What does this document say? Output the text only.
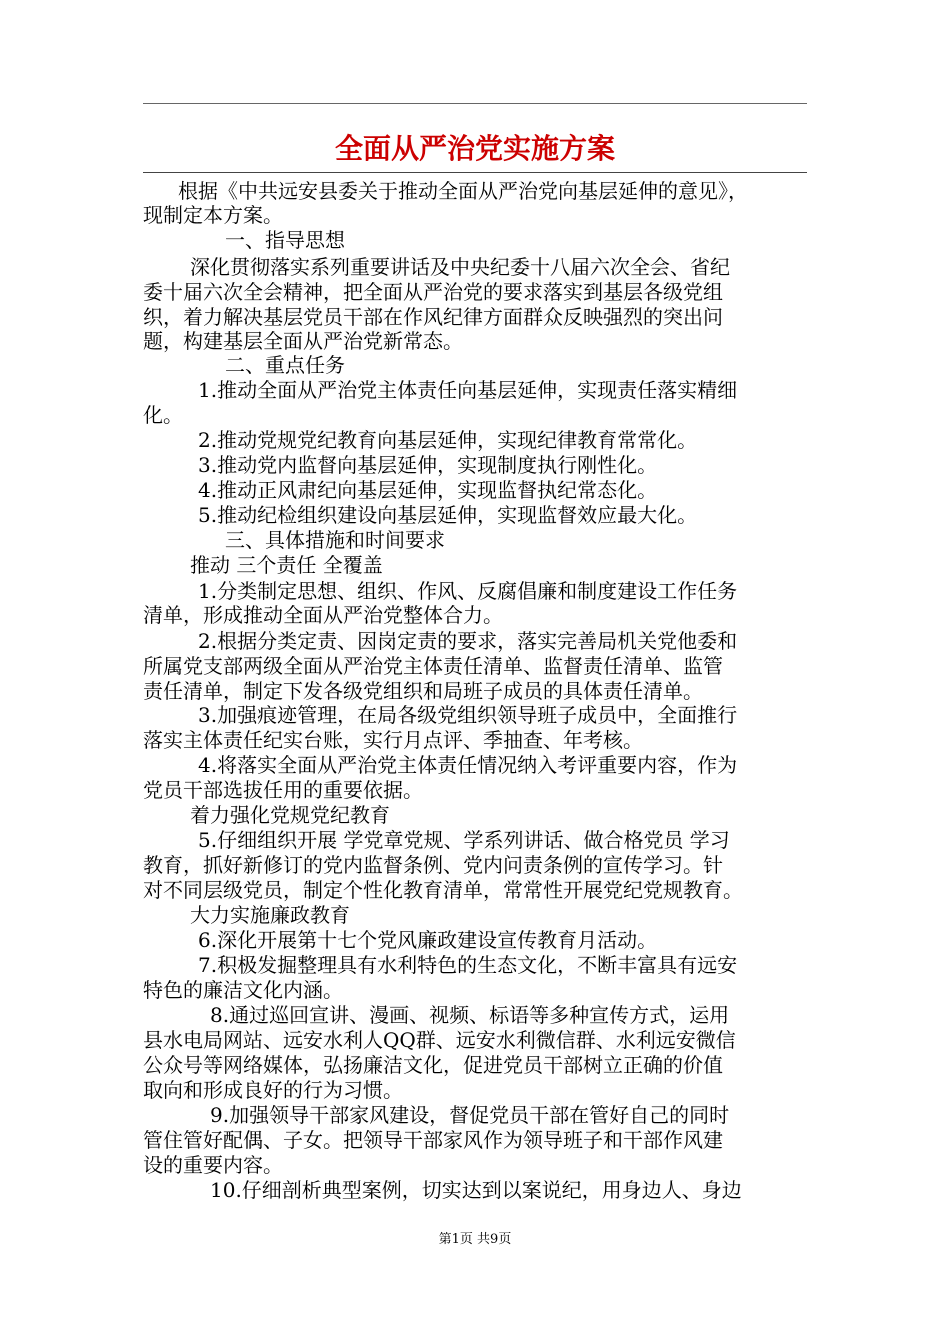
全面从严治党实施方案
根据《中共远安县委关于推动全面从严治党向基层延伸的意见》，
现制定本方案。
一、指导思想
深化贯彻落实系列重要讲话及中央纪委十八届六次全会、省纪
委十届六次全会精神，把全面从严治党的要求落实到基层各级党组
织，着力解决基层党员干部在作风纪律方面群众反映强烈的突出问
题，构建基层全面从严治党新常态。
二、重点任务
1.推动全面从严治党主体责任向基层延伸，实现责任落实精细
化。
2.推动党规党纪教育向基层延伸，实现纪律教育常常化。
3.推动党内监督向基层延伸，实现制度执行刚性化。
4.推动正风肃纪向基层延伸，实现监督执纪常态化。
5.推动纪检组织建设向基层延伸，实现监督效应最大化。
三、具体措施和时间要求
推动 三个责任 全覆盖
1.分类制定思想、组织、作风、反腐倡廉和制度建设工作任务
清单，形成推动全面从严治党整体合力。
2.根据分类定责、因岗定责的要求，落实完善局机关党他委和
所属党支部两级全面从严治党主体责任清单、监督责任清单、监管
责任清单，制定下发各级党组织和局班子成员的具体责任清单。
3.加强痕迹管理，在局各级党组织领导班子成员中，全面推行
落实主体责任纪实台账，实行月点评、季抽查、年考核。
4.将落实全面从严治党主体责任情况纳入考评重要内容，作为
党员干部选拔任用的重要依据。
着力强化党规党纪教育
5.仔细组织开展 学党章党规、学系列讲话、做合格党员 学习
教育，抓好新修订的党内监督条例、党内问责条例的宣传学习。针
对不同层级党员，制定个性化教育清单，常常性开展党纪党规教育。
大力实施廉政教育
6.深化开展第十七个党风廉政建设宣传教育月活动。
7.积极发掘整理具有水利特色的生态文化，不断丰富具有远安
特色的廉洁文化内涵。
8.通过巡回宣讲、漫画、视频、标语等多种宣传方式，运用
县水电局网站、远安水利人QQ群、远安水利微信群、水利远安微信
公众号等网络媒体，弘扬廉洁文化，促进党员干部树立正确的价值
取向和形成良好的行为习惯。
9.加强领导干部家风建设，督促党员干部在管好自己的同时
管住管好配偶、子女。把领导干部家风作为领导班子和干部作风建
设的重要内容。
10.仔细剖析典型案例，切实达到以案说纪，用身边人、身边
第1页 共9页
